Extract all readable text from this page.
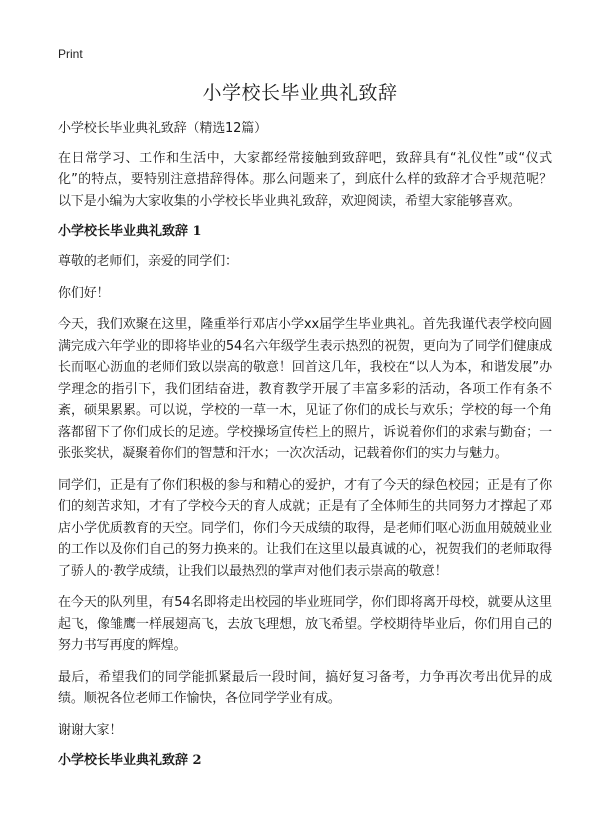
Print
小学校长毕业典礼致辞

小学校长毕业典礼致辞（精选12篇）

在日常学习、工作和生活中，大家都经常接触到致辞吧，致辞具有“礼仪性”或“仪式化”的特点，要特别注意措辞得体。那么问题来了，到底什么样的致辞才合乎规范呢？以下是小编为大家收集的小学校长毕业典礼致辞，欢迎阅读，希望大家能够喜欢。

小学校长毕业典礼致辞 1

尊敬的老师们，亲爱的同学们：

你们好！

今天，我们欢聚在这里，隆重举行邓店小学xx届学生毕业典礼。首先我谨代表学校向圆满完成六年学业的即将毕业的54名六年级学生表示热烈的祝贺，更向为了同学们健康成长而呕心沥血的老师们致以崇高的敬意！回首这几年，我校在“以人为本，和谐发展”办学理念的指引下，我们团结奋进，教育教学开展了丰富多彩的活动，各项工作有条不紊，硕果累累。可以说，学校的一草一木，见证了你们的成长与欢乐；学校的每一个角落都留下了你们成长的足迹。学校操场宣传栏上的照片，诉说着你们的求索与勤奋；一张张奖状，凝聚着你们的智慧和汗水；一次次活动，记载着你们的实力与魅力。

同学们，正是有了你们积极的参与和精心的爱护，才有了今天的绿色校园；正是有了你们的刻苦求知，才有了学校今天的育人成就；正是有了全体师生的共同努力才撑起了邓店小学优质教育的天空。同学们，你们今天成绩的取得，是老师们呕心沥血用兢兢业业的工作以及你们自己的努力换来的。让我们在这里以最真诚的心，祝贺我们的老师取得了骄人的·教学成绩，让我们以最热烈的掌声对他们表示崇高的敬意！

在今天的队列里，有54名即将走出校园的毕业班同学，你们即将离开母校，就要从这里起飞，像雏鹰一样展翅高飞，去放飞理想，放飞希望。学校期待毕业后，你们用自己的努力书写再度的辉煌。

最后，希望我们的同学能抓紧最后一段时间，搞好复习备考，力争再次考出优异的成绩。顺祝各位老师工作愉快，各位同学学业有成。

谢谢大家！

小学校长毕业典礼致辞 2
